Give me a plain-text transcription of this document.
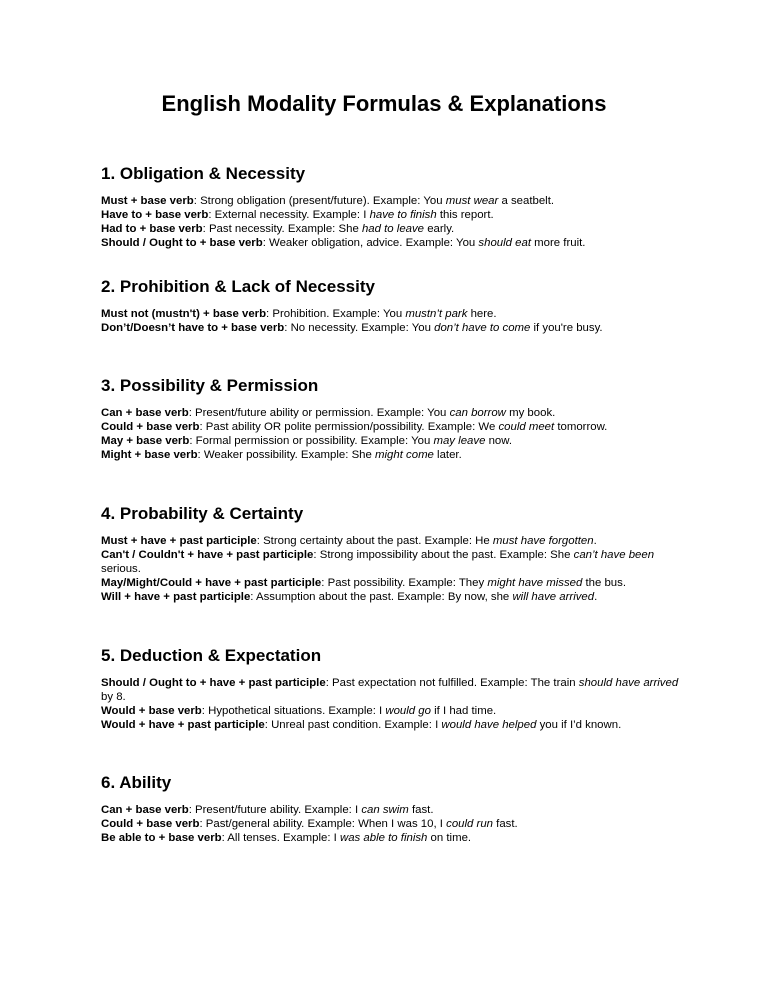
English Modality Formulas & Explanations
1. Obligation & Necessity

Must + base verb: Strong obligation (present/future). Example: You must wear a seatbelt.

Have to + base verb: External necessity. Example: I have to finish this report.

Had to + base verb: Past necessity. Example: She had to leave early.

Should / Ought to + base verb: Weaker obligation, advice. Example: You should eat more fruit.

2. Prohibition & Lack of Necessity

Must not (mustn't) + base verb: Prohibition. Example: You mustn’t park here.

Don’t/Doesn’t have to + base verb: No necessity. Example: You don’t have to come if you're busy.

3. Possibility & Permission

Can + base verb: Present/future ability or permission. Example: You can borrow my book.

Could + base verb: Past ability OR polite permission/possibility. Example: We could meet tomorrow.

May + base verb: Formal permission or possibility. Example: You may leave now.

Might + base verb: Weaker possibility. Example: She might come later.

4. Probability & Certainty

Must + have + past participle: Strong certainty about the past. Example: He must have forgotten.

Can't / Couldn't + have + past participle: Strong impossibility about the past. Example: She can’t have been serious.

May/Might/Could + have + past participle: Past possibility. Example: They might have missed the bus.

Will + have + past participle: Assumption about the past. Example: By now, she will have arrived.

5. Deduction & Expectation

Should / Ought to + have + past participle: Past expectation not fulfilled. Example: The train should have arrived by 8.

Would + base verb: Hypothetical situations. Example: I would go if I had time.

Would + have + past participle: Unreal past condition. Example: I would have helped you if I’d known.

6. Ability

Can + base verb: Present/future ability. Example: I can swim fast.

Could + base verb: Past/general ability. Example: When I was 10, I could run fast.

Be able to + base verb: All tenses. Example: I was able to finish on time.
